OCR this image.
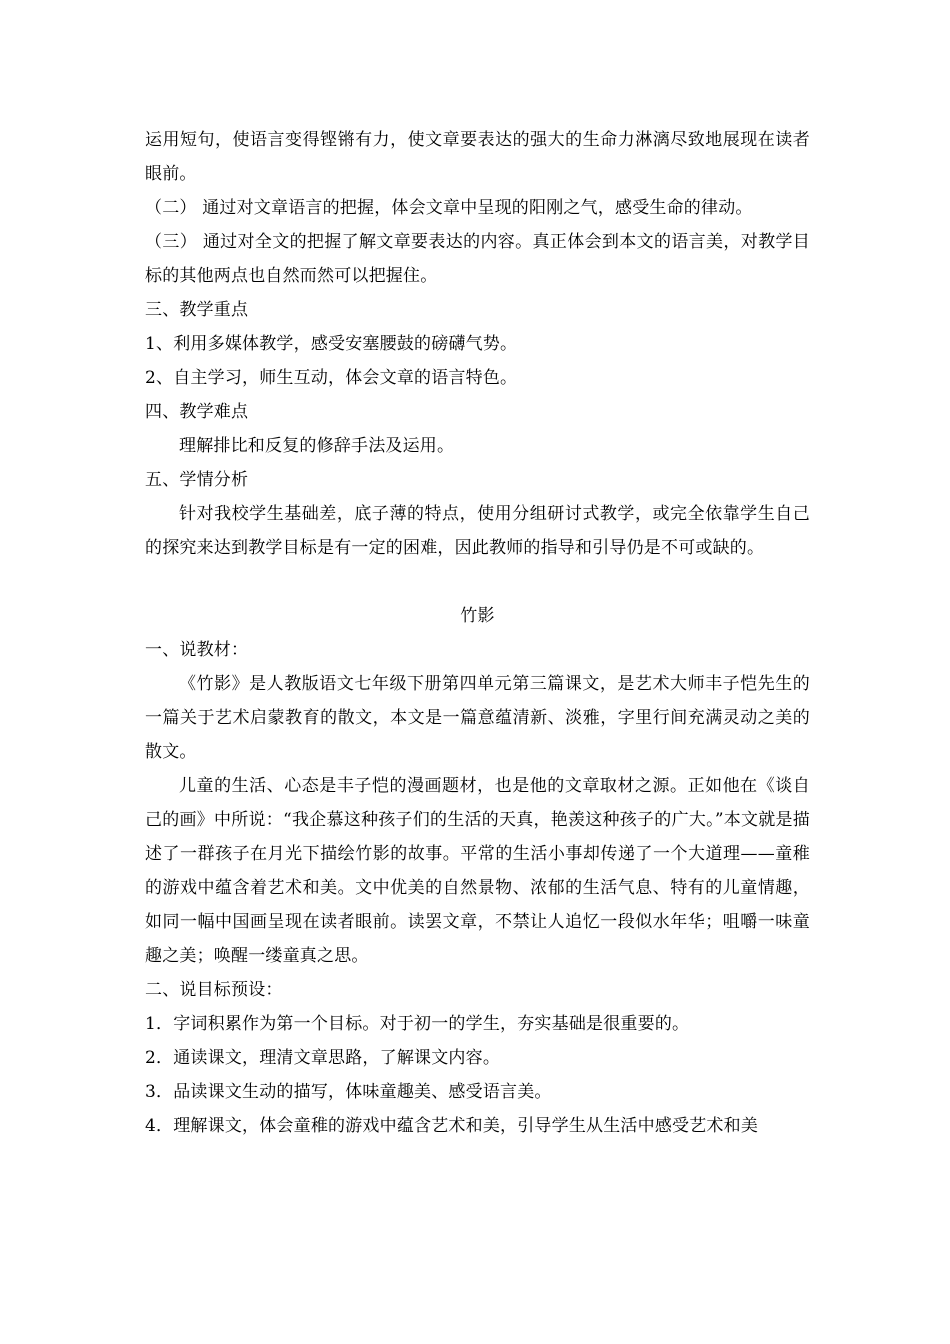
运用短句，使语言变得铿锵有力，使文章要表达的强大的生命力淋漓尽致地展现在读者眼前。

（二） 通过对文章语言的把握，体会文章中呈现的阳刚之气，感受生命的律动。

（三） 通过对全文的把握了解文章要表达的内容。真正体会到本文的语言美，对教学目标的其他两点也自然而然可以把握住。

三、教学重点

1、利用多媒体教学，感受安塞腰鼓的磅礴气势。

2、自主学习，师生互动，体会文章的语言特色。

四、教学难点

理解排比和反复的修辞手法及运用。

五、学情分析

针对我校学生基础差，底子薄的特点，使用分组研讨式教学，或完全依靠学生自己的探究来达到教学目标是有一定的困难，因此教师的指导和引导仍是不可或缺的。

竹影

一、说教材：

《竹影》是人教版语文七年级下册第四单元第三篇课文，是艺术大师丰子恺先生的一篇关于艺术启蒙教育的散文，本文是一篇意蕴清新、淡雅，字里行间充满灵动之美的散文。

儿童的生活、心态是丰子恺的漫画题材，也是他的文章取材之源。正如他在《谈自己的画》中所说：“我企慕这种孩子们的生活的天真，艳羡这种孩子的广大。”本文就是描述了一群孩子在月光下描绘竹影的故事。平常的生活小事却传递了一个大道理——童稚的游戏中蕴含着艺术和美。文中优美的自然景物、浓郁的生活气息、特有的儿童情趣，如同一幅中国画呈现在读者眼前。读罢文章，不禁让人追忆一段似水年华；咀嚼一味童趣之美；唤醒一缕童真之思。

二、说目标预设：

1．字词积累作为第一个目标。对于初一的学生，夯实基础是很重要的。

2．通读课文，理清文章思路，了解课文内容。

3．品读课文生动的描写，体味童趣美、感受语言美。

4．理解课文，体会童稚的游戏中蕴含艺术和美，引导学生从生活中感受艺术和美
